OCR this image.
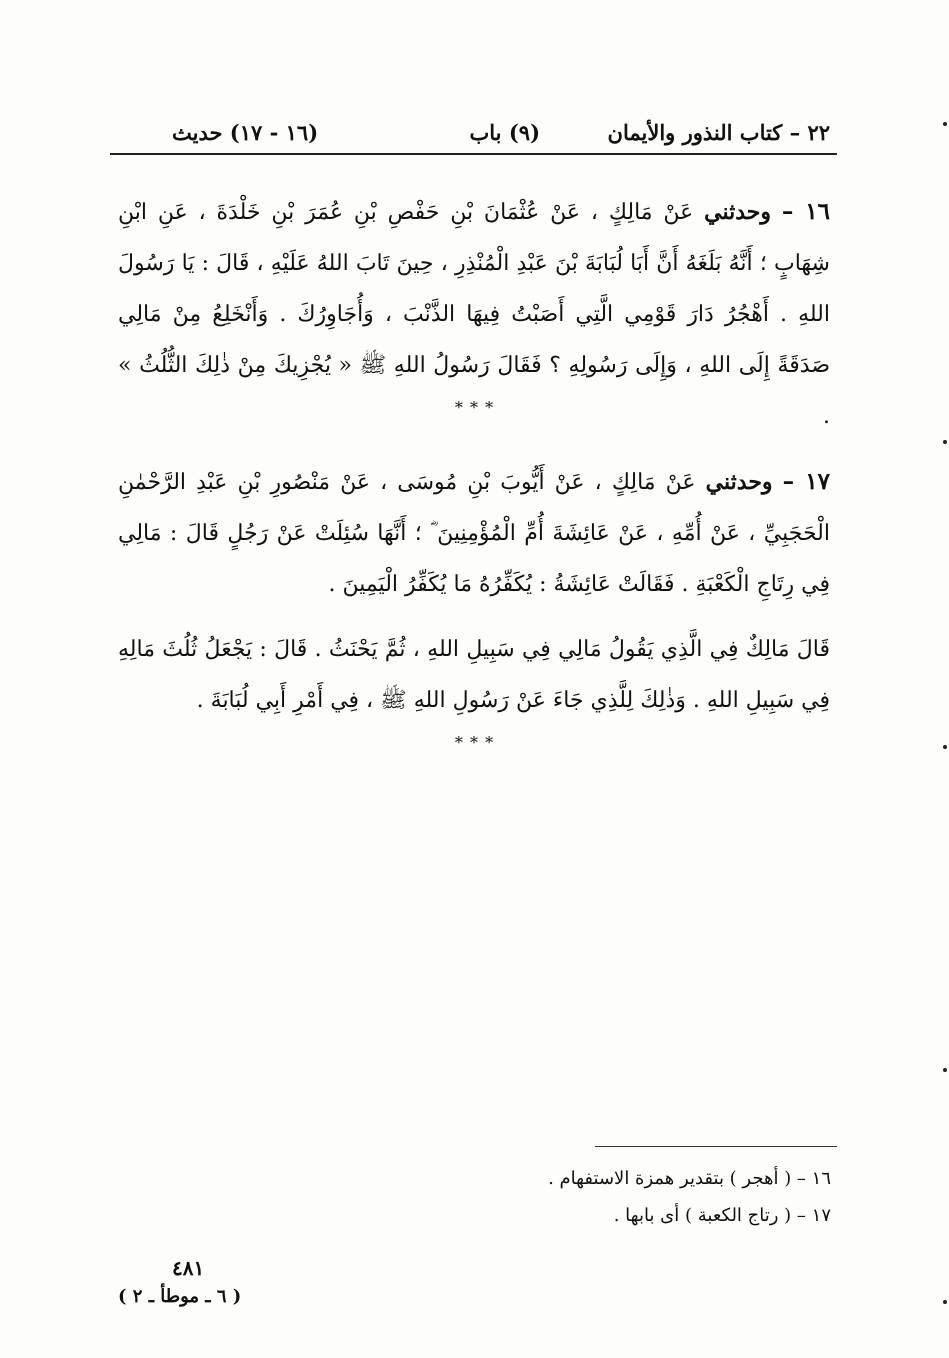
٢٢ – كتاب النذور والأيمان
(٩) باب
(١٦ - ١٧) حديث
١٦ – وحدثني عَنْ مَالِكٍ ، عَنْ عُثْمَانَ بْنِ حَفْصِ بْنِ عُمَرَ بْنِ خَلْدَةَ ، عَنِ ابْنِ شِهَابٍ ؛ أَنَّهُ بَلَغَهُ أَنَّ أَبَا لُبَابَةَ بْنَ عَبْدِ الْمُنْذِرِ ، حِينَ تَابَ اللهُ عَلَيْهِ ، قَالَ : يَا رَسُولَ اللهِ . أَهْجُرُ دَارَ قَوْمِي الَّتِي أَصَبْتُ فِيهَا الذَّنْبَ ، وَأُجَاوِرُكَ . وَأَنْخَلِعُ مِنْ مَالِي صَدَقَةً إِلَى اللهِ ، وَإِلَى رَسُولِهِ ؟ فَقَالَ رَسُولُ اللهِ ﷺ « يُجْزِيكَ مِنْ ذٰلِكَ الثُّلُثُ » .
* * *
١٧ – وحدثني عَنْ مَالِكٍ ، عَنْ أَيُّوبَ بْنِ مُوسَى ، عَنْ مَنْصُورِ بْنِ عَبْدِ الرَّحْمٰنِ الْحَجَبِيِّ ، عَنْ أُمِّهِ ، عَنْ عَائِشَةَ أُمِّ الْمُؤْمِنِينَ ؓ ؛ أَنَّهَا سُئِلَتْ عَنْ رَجُلٍ قَالَ : مَالِي فِي رِتَاجِ الْكَعْبَةِ . فَقَالَتْ عَائِشَةُ : يُكَفِّرُهُ مَا يُكَفِّرُ الْيَمِينَ .
قَالَ مَالِكٌ فِي الَّذِي يَقُولُ مَالِي فِي سَبِيلِ اللهِ ، ثُمَّ يَحْنَثُ . قَالَ : يَجْعَلُ ثُلُثَ مَالِهِ فِي سَبِيلِ اللهِ . وَذٰلِكَ لِلَّذِي جَاءَ عَنْ رَسُولِ اللهِ ﷺ ، فِي أَمْرِ أَبِي لُبَابَةَ .
* * *
١٦ – ( أهجر ) بتقدير همزة الاستفهام .
١٧ – ( رتاج الكعبة ) أى بابها .
٤٨١
( ٦ ـ موطأ ـ ٢ )
